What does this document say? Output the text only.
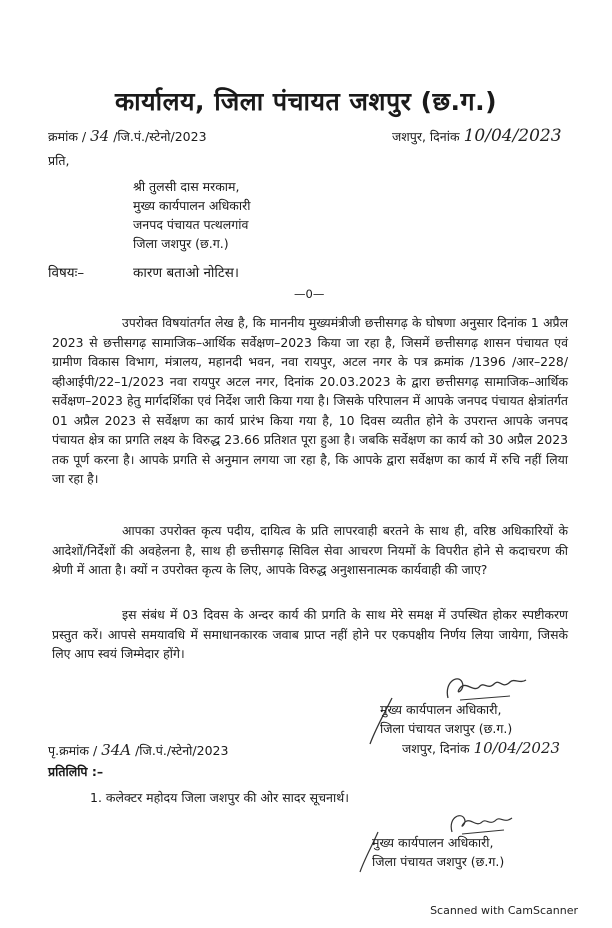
कार्यालय, जिला पंचायत जशपुर (छ.ग.)
क्रमांक / 34 /जि.पं./स्टेनो/2023	जशपुर, दिनांक 10/04/2023
प्रति,
श्री तुलसी दास मरकाम,
मुख्य कार्यपालन अधिकारी
जनपद पंचायत पत्थलगांव
जिला जशपुर (छ.ग.)
विषयः–	कारण बताओ नोटिस।
—0—
उपरोक्त विषयांतर्गत लेख है, कि माननीय मुख्यमंत्रीजी छत्तीसगढ़ के घोषणा अनुसार दिनांक 1 अप्रैल 2023 से छत्तीसगढ़ सामाजिक–आर्थिक सर्वेक्षण–2023 किया जा रहा है, जिसमें छत्तीसगढ़ शासन पंचायत एवं ग्रामीण विकास विभाग, मंत्रालय, महानदी भवन, नवा रायपुर, अटल नगर के पत्र क्रमांक /1396 /आर–228/व्हीआईपी/22–1/2023 नवा रायपुर अटल नगर, दिनांक 20.03.2023 के द्वारा छत्तीसगढ़ सामाजिक–आर्थिक सर्वेक्षण–2023 हेतु मार्गदर्शिका एवं निर्देश जारी किया गया है। जिसके परिपालन में आपके जनपद पंचायत क्षेत्रांतर्गत 01 अप्रैल 2023 से सर्वेक्षण का कार्य प्रारंभ किया गया है, 10 दिवस व्यतीत होने के उपरान्त आपके जनपद पंचायत क्षेत्र का प्रगति लक्ष्य के विरुद्ध 23.66 प्रतिशत पूरा हुआ है। जबकि सर्वेक्षण का कार्य को 30 अप्रैल 2023 तक पूर्ण करना है। आपके प्रगति से अनुमान लगया जा रहा है, कि आपके द्वारा सर्वेक्षण का कार्य में रुचि नहीं लिया जा रहा है।
आपका उपरोक्त कृत्य पदीय, दायित्व के प्रति लापरवाही बरतने के साथ ही, वरिष्ठ अधिकारियों के आदेशों/निर्देशों की अवहेलना है, साथ ही छत्तीसगढ़ सिविल सेवा आचरण नियमों के विपरीत होने से कदाचरण की श्रेणी में आता है। क्यों न उपरोक्त कृत्य के लिए, आपके विरुद्ध अनुशासनात्मक कार्यवाही की जाए?
इस संबंध में 03 दिवस के अन्दर कार्य की प्रगति के साथ मेरे समक्ष में उपस्थित होकर स्पष्टीकरण प्रस्तुत करें। आपसे समयावधि में समाधानकारक जवाब प्राप्त नहीं होने पर एकपक्षीय निर्णय लिया जायेगा, जिसके लिए आप स्वयं जिम्मेदार होंगे।
मुख्य कार्यपालन अधिकारी,
जिला पंचायत जशपुर (छ.ग.)
जशपुर, दिनांक 10/04/2023
पृ.क्रमांक / 34A /जि.पं./स्टेनो/2023
प्रतिलिपि :–
1. कलेक्टर महोदय जिला जशपुर की ओर सादर सूचनार्थ।
मुख्य कार्यपालन अधिकारी,
जिला पंचायत जशपुर (छ.ग.)
Scanned with CamScanner
